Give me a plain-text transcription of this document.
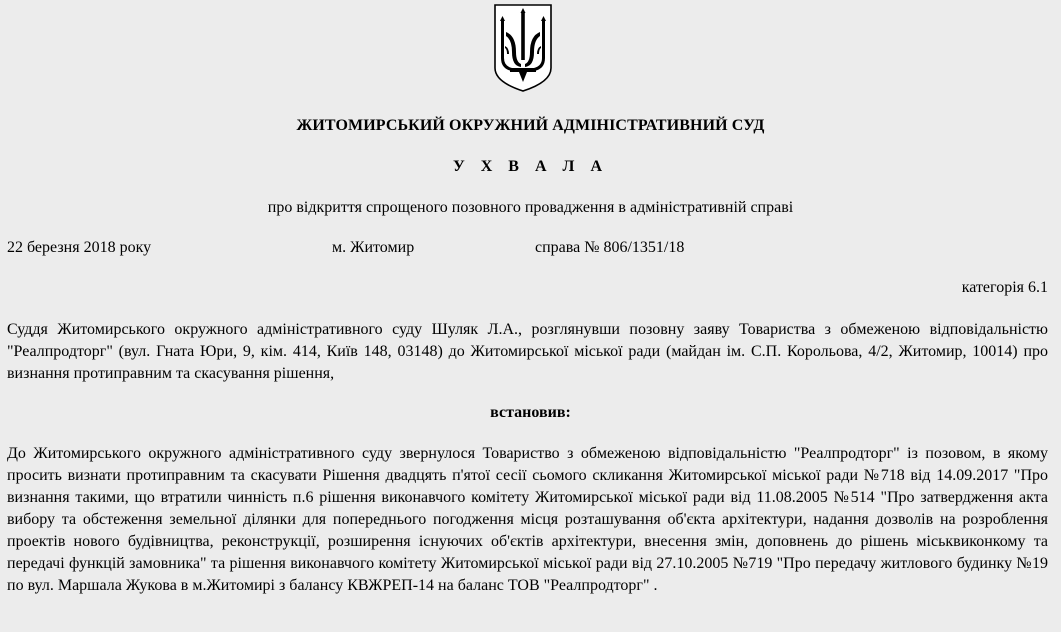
ЖИТОМИРСЬКИЙ ОКРУЖНИЙ АДМІНІСТРАТИВНИЙ СУД

У Х В А Л А

про відкриття спрощеного позовного провадження в адміністративній справі

22 березня 2018 року	м. Житомир	справа № 806/1351/18
категорія 6.1

Суддя Житомирського окружного адміністративного суду Шуляк Л.А., розглянувши позовну заяву Товариства з обмеженою відповідальністю "Реалпродторг" (вул. Гната Юри, 9, кім. 414, Київ 148, 03148) до Житомирської міської ради (майдан ім. С.П. Корольова, 4/2, Житомир, 10014) про визнання протиправним та скасування рішення,

встановив:

До Житомирського окружного адміністративного суду звернулося Товариство з обмеженою відповідальністю "Реалпродторг" із позовом, в якому просить визнати протиправним та скасувати Рішення двадцять п'ятої сесії сьомого скликання Житомирської міської ради №718 від 14.09.2017 "Про визнання такими, що втратили чинність п.6 рішення виконавчого комітету Житомирської міської ради від 11.08.2005 №514 "Про затвердження акта вибору та обстеження земельної ділянки для попереднього погодження місця розташування об'єкта архітектури, надання дозволів на розроблення проектів нового будівництва, реконструкції, розширення існуючих об'єктів архітектури, внесення змін, доповнень до рішень міськвиконкому та передачі функцій замовника" та рішення виконавчого комітету Житомирської міської ради від 27.10.2005 №719 "Про передачу житлового будинку №19 по вул. Маршала Жукова в м.Житомирі з балансу КВЖРЕП-14 на баланс ТОВ "Реалпродторг" .
